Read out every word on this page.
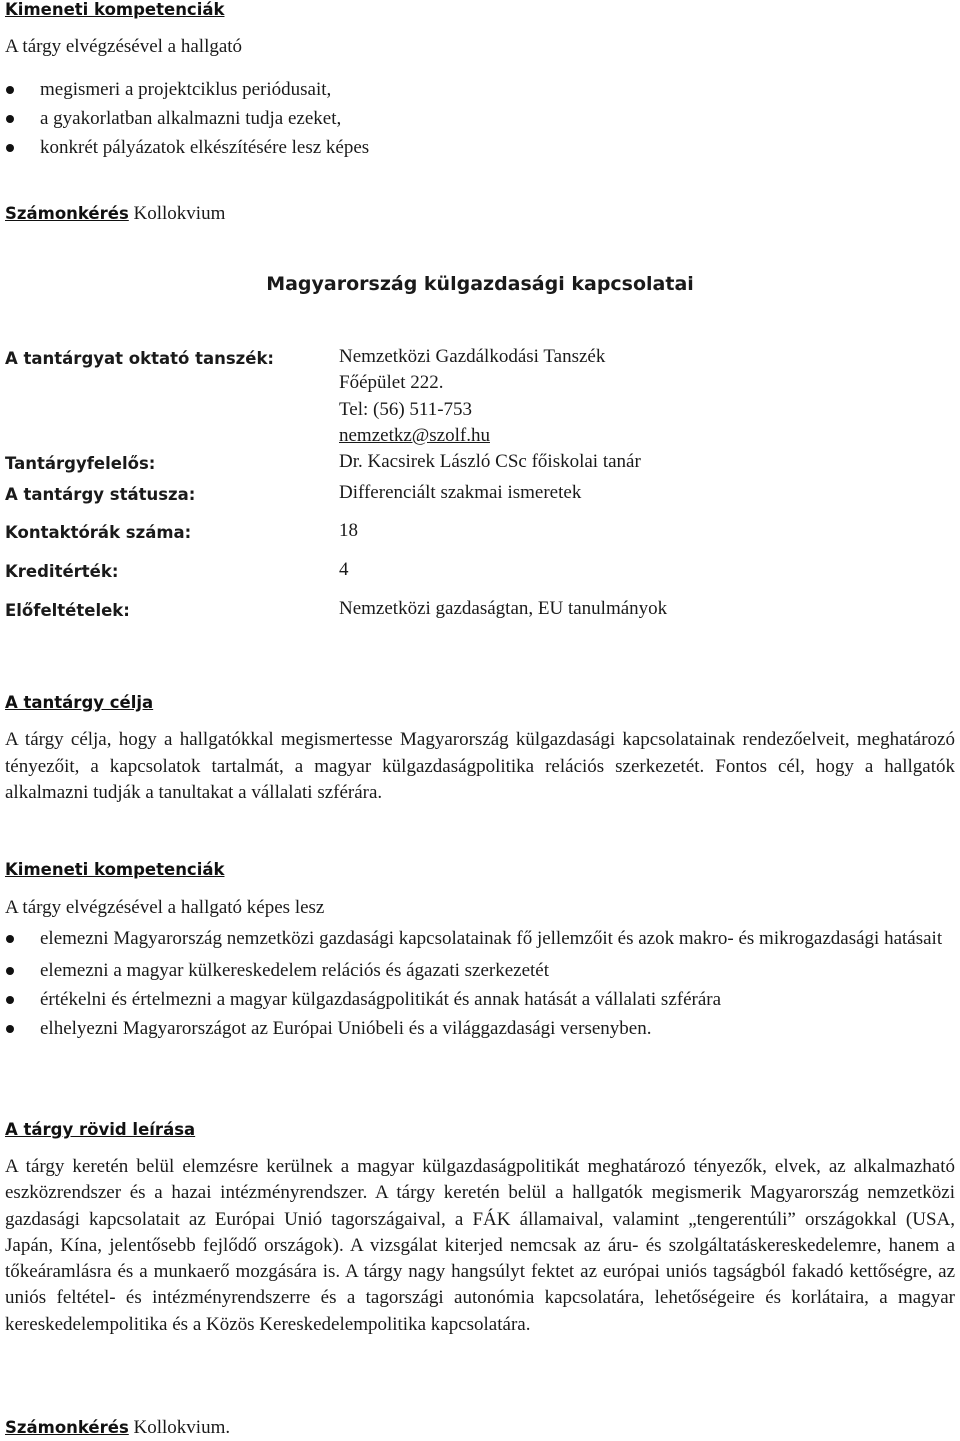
Kimeneti kompetenciák
A tárgy elvégzésével a hallgató
megismeri a projektciklus periódusait,
a gyakorlatban alkalmazni tudja ezeket,
konkrét pályázatok elkészítésére lesz képes
Számonkérés Kollokvium
Magyarország külgazdasági kapcsolatai
A tantárgyat oktató tanszék:	Nemzetközi Gazdálkodási Tanszék
Főépület 222.
Tel: (56) 511-753
nemzetkz@szolf.hu
Tantárgyfelelős:	Dr. Kacsirek László CSc főiskolai tanár
A tantárgy státusza:	Differenciált szakmai ismeretek
Kontaktórák száma:	18
Kreditérték:	4
Előfeltételek:	Nemzetközi gazdaságtan, EU tanulmányok
A tantárgy célja
A tárgy célja, hogy a hallgatókkal megismertesse Magyarország külgazdasági kapcsolatainak rendezőelveit, meghatározó tényezőit, a kapcsolatok tartalmát, a magyar külgazdaságpolitika relációs szerkezetét. Fontos cél, hogy a hallgatók alkalmazni tudják a tanultakat a vállalati szférára.
Kimeneti kompetenciák
A tárgy elvégzésével a hallgató képes lesz
elemezni Magyarország nemzetközi gazdasági kapcsolatainak fő jellemzőit és azok makro- és mikrogazdasági hatásait
elemezni a magyar külkereskedelem relációs és ágazati szerkezetét
értékelni és értelmezni a magyar külgazdaságpolitikát és annak hatását a vállalati szférára
elhelyezni Magyarországot az Európai Unióbeli és a világgazdasági versenyben.
A tárgy rövid leírása
A tárgy keretén belül elemzésre kerülnek a magyar külgazdaságpolitikát meghatározó tényezők, elvek, az alkalmazható eszközrendszer és a hazai intézményrendszer. A tárgy keretén belül a hallgatók megismerik Magyarország nemzetközi gazdasági kapcsolatait az Európai Unió tagországaival, a FÁK államaival, valamint „tengerentúli” országokkal (USA, Japán, Kína, jelentősebb fejlődő országok). A vizsgálat kiterjed nemcsak az áru- és szolgáltatáskereskedelemre, hanem a tőkeáramlásra és a munkaerő mozgására is. A tárgy nagy hangsúlyt fektet az európai uniós tagságból fakadó kettőségre, az uniós feltétel- és intézményrendszerre és a tagországi autonómia kapcsolatára, lehetőségeire és korlátaira, a magyar kereskedelempolitika és a Közös Kereskedelempolitika kapcsolatára.
Számonkérés Kollokvium.
